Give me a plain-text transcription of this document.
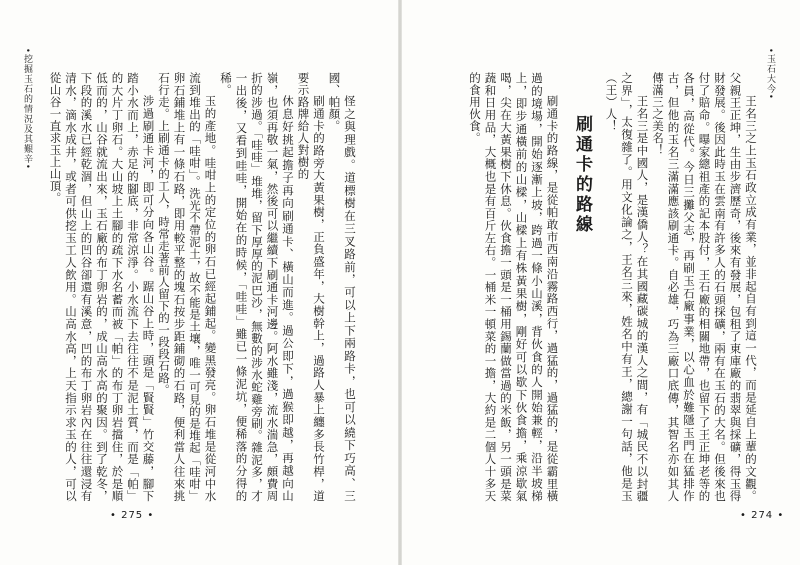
•
挖掘玉石的情況及其艱辛
•	怪之與理戲。道標樹在三叉路前，可以上下兩路卡，也可以繞下巧高、三國、帕顏。

刷通卡的路旁大黃果樹，正負盛年，大樹幹上，過路人暴上纏多長竹桿，道要示路牌給人對樹的

休息好挑起擔子再向刷通卡、橫山而進。過公即下，過猴即越，再越向山嶺，也須再敬一氣，然後可以繼續下刷通卡河邊。阿水雖淺，流水湍急，頗費周折的涉過。「哇哇」堆堆，留下厚厚的泥巴沙，無數的涉水蛇雞旁刷。雜泥多，才一出後，又看到哇哇，開始在的時候，「哇哇」雖已一條泥坑，便稀落的分得的稀。

玉的產地。哇咁上的定位的卵石已經起鋪起。變黑發亮。卵石堆是從河中水流到堆出的「哇咁」。洗光不帶泥土，故不能是土壤，唯一可見的是堆起「哇咁」卵石鋪堆上有一條石路，即用較平整的塊石按步距鋪砌的石路，便利當人往來挑石行走。上刷通卡的工人，時常走著前人留下的一段段石路。

涉過刷通卡河，即可分向各山谷。踞山谷上時，頭是「賢賢」竹交藤，腳下踏小水而上，赤足的腳底，非常涼淨。小水流下去往往不是泥土質，而是「帕」的大片丁卵石。大山坡上土腳的疏下水名蓄而被「帕」的布丁卵岩擋住，於是順低而的，山谷就流出來，玉石廠的布丁卵岩的，成山高水高的聚因。到了乾冬，下段的溪水已經乾涸，但山上的凹谷卻還有溪意，凹的布丁卵岩內在往往還浸有清水，滴水成井，或者可供挖玉工人飲用。山高水高，上天指示求玉的人，可以從山谷一直求玉上山頂。

• 275 •
•
玉石大今
•

王名三之上玉石政立成有業，並非起自有到這一代，而是延自上輩的文觀。父親王正坤，生由步濟歷奇，後來有發展，包租了東庫廠的翡翠與採礦，得玉得財發展。後因此時玉在雲南有許多人的石頭採礦，兩有在玉石的大名。但後來也付了賠命。曝家總祖產的記本股付，王石廠的相關地帶，也留下了王正坤老等的各員，高從代。今日三攤父志，再刷玉石廠事業，以心血於難隱玉門在猛排作古，但他的玉名三滿滿應該刷通卡。自必雄，巧為三廠口底傳，其智名亦如其人傳滿三之美名！

王名三是中國人，是漢僑人？在其國藏碳城的漢人之間，有「城民不以封疆之界」，太復雜了。用文化論之，王名三來，姓名中有王，總謝一句話，他是玉（王）人！

刷通卡的路線

刷通卡的路線，是從帕敢市西南沿霧路西行，過猛的，過猛的，是從霸里橫過的境場，開始逐漸上坡，跨過一條小山溪，背伙食的人開始兼輕，沿半坡梯上，即步通橫前的山樑，山樑上有株黃果樹，剛好可以歇下伙食擔，乘涼歇氣喝，尖在大黃果樹下休息。伙食擔一頭是一桶用錫蘭做當過的米飯，另一頭是菜蔬和日用品，大概也是有百斤左右。一桶米一頓菜的一擔，大約是二個人十多天的食用伙食。

• 274 •
